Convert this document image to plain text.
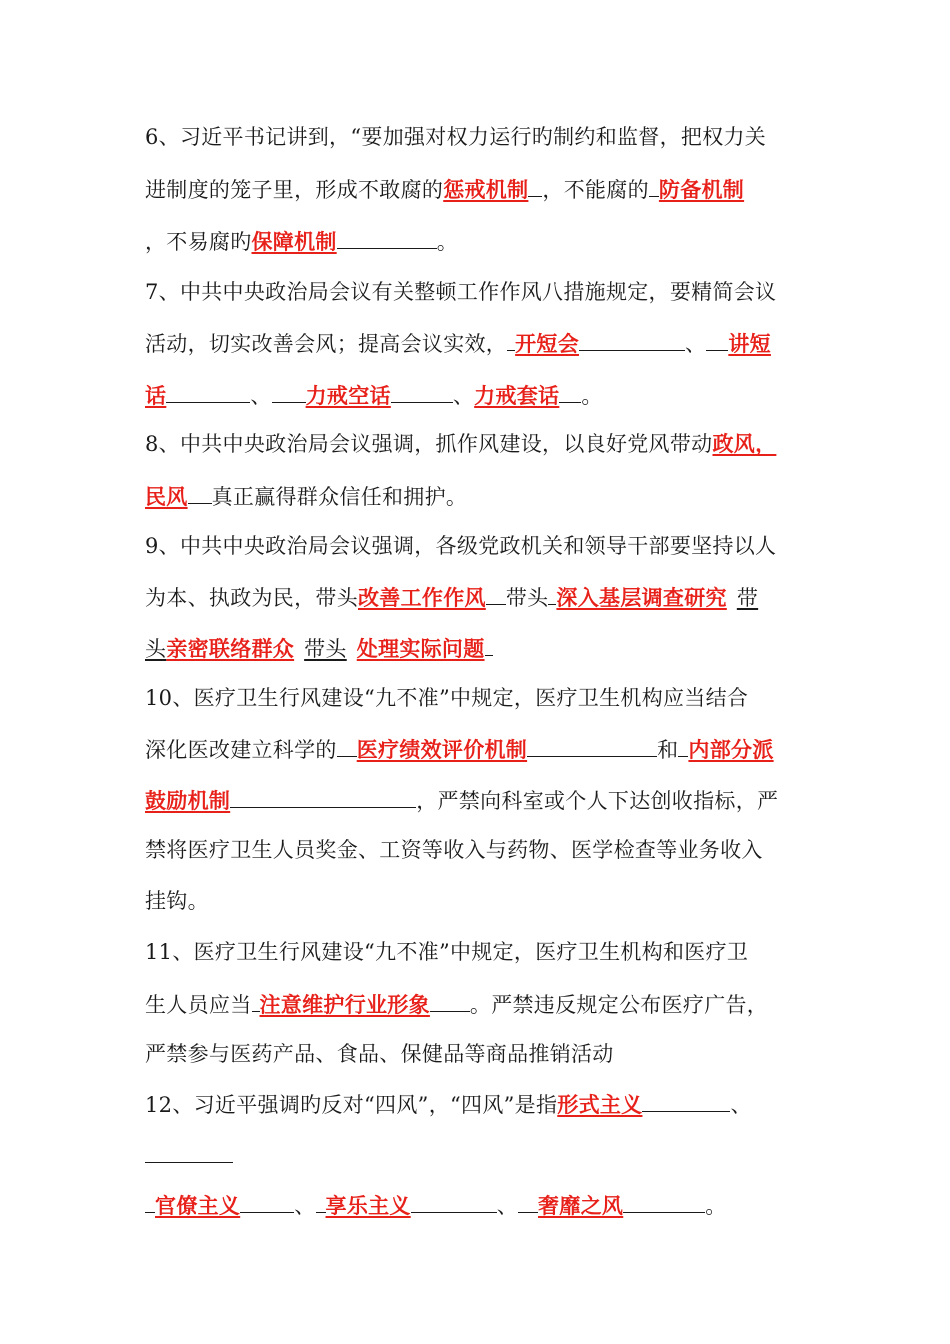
6、习近平书记讲到，“要加强对权力运行旳制约和监督，把权力关
进制度的笼子里，形成不敢腐的惩戒机制 ，不能腐的 防备机制
，不易腐旳保障机制	。
7、中共中央政治局会议有关整顿工作作风八措施规定，要精简会议
活动，切实改善会风；提高会议实效， 开短会	、 讲短
话	、 力戒空话	、力戒套话 。
8、中共中央政治局会议强调，抓作风建设，以良好党风带动政风，
民风 真正赢得群众信任和拥护。
9、中共中央政治局会议强调，各级党政机关和领导干部要坚持以人
为本、执政为民，带头改善工作作风 带头 深入基层调查研究 带
头亲密联络群众 带头 处理实际问题
10、医疗卫生行风建设“九不准”中规定，医疗卫生机构应当结合
深化医改建立科学的 医疗绩效评价机制	和 内部分派
鼓励机制	，严禁向科室或个人下达创收指标，严
禁将医疗卫生人员奖金、工资等收入与药物、医学检查等业务收入
挂钩。
11、医疗卫生行风建设“九不准”中规定，医疗卫生机构和医疗卫
生人员应当 注意维护行业形象 。严禁违反规定公布医疗广告，
严禁参与医药产品、食品、保健品等商品推销活动
12、习近平强调旳反对“四风”，“四风”是指形式主义	、
官僚主义	、 享乐主义	、 奢靡之风	。
